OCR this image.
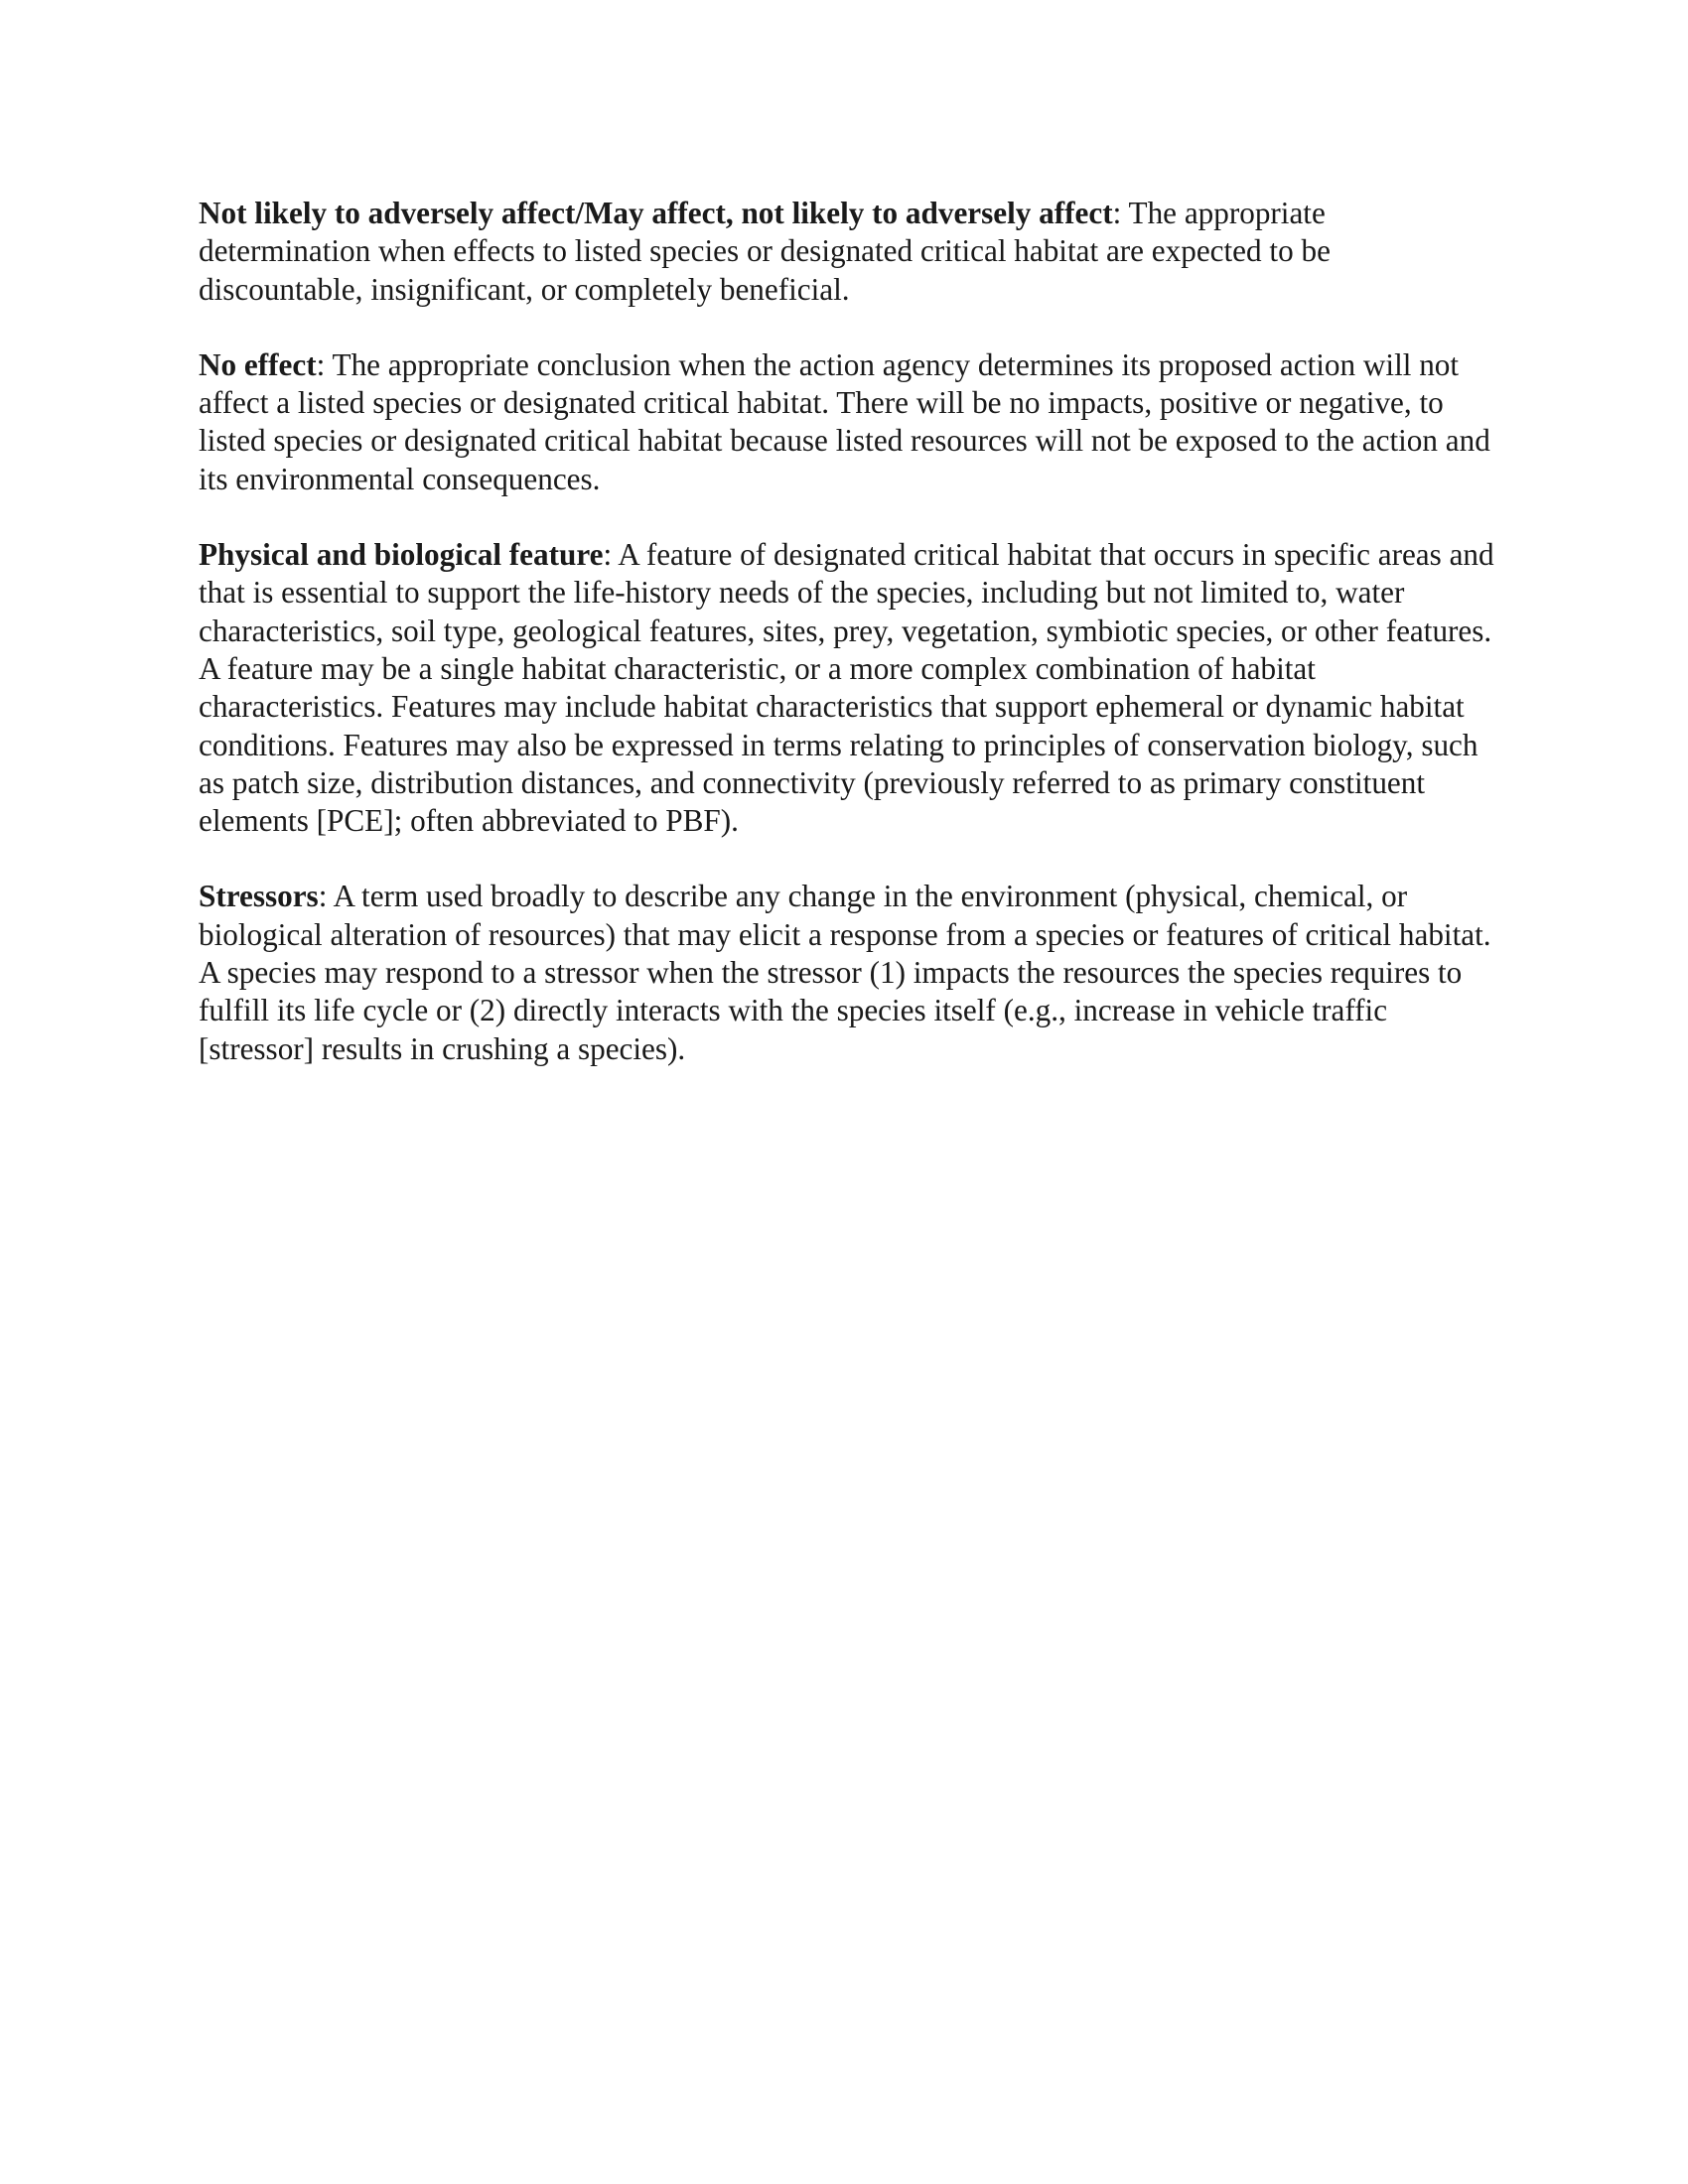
Not likely to adversely affect/May affect, not likely to adversely affect: The appropriate determination when effects to listed species or designated critical habitat are expected to be discountable, insignificant, or completely beneficial.

No effect: The appropriate conclusion when the action agency determines its proposed action will not affect a listed species or designated critical habitat. There will be no impacts, positive or negative, to listed species or designated critical habitat because listed resources will not be exposed to the action and its environmental consequences.

Physical and biological feature: A feature of designated critical habitat that occurs in specific areas and that is essential to support the life-history needs of the species, including but not limited to, water characteristics, soil type, geological features, sites, prey, vegetation, symbiotic species, or other features. A feature may be a single habitat characteristic, or a more complex combination of habitat characteristics. Features may include habitat characteristics that support ephemeral or dynamic habitat conditions. Features may also be expressed in terms relating to principles of conservation biology, such as patch size, distribution distances, and connectivity (previously referred to as primary constituent elements [PCE]; often abbreviated to PBF).

Stressors: A term used broadly to describe any change in the environment (physical, chemical, or biological alteration of resources) that may elicit a response from a species or features of critical habitat. A species may respond to a stressor when the stressor (1) impacts the resources the species requires to fulfill its life cycle or (2) directly interacts with the species itself (e.g., increase in vehicle traffic [stressor] results in crushing a species).
